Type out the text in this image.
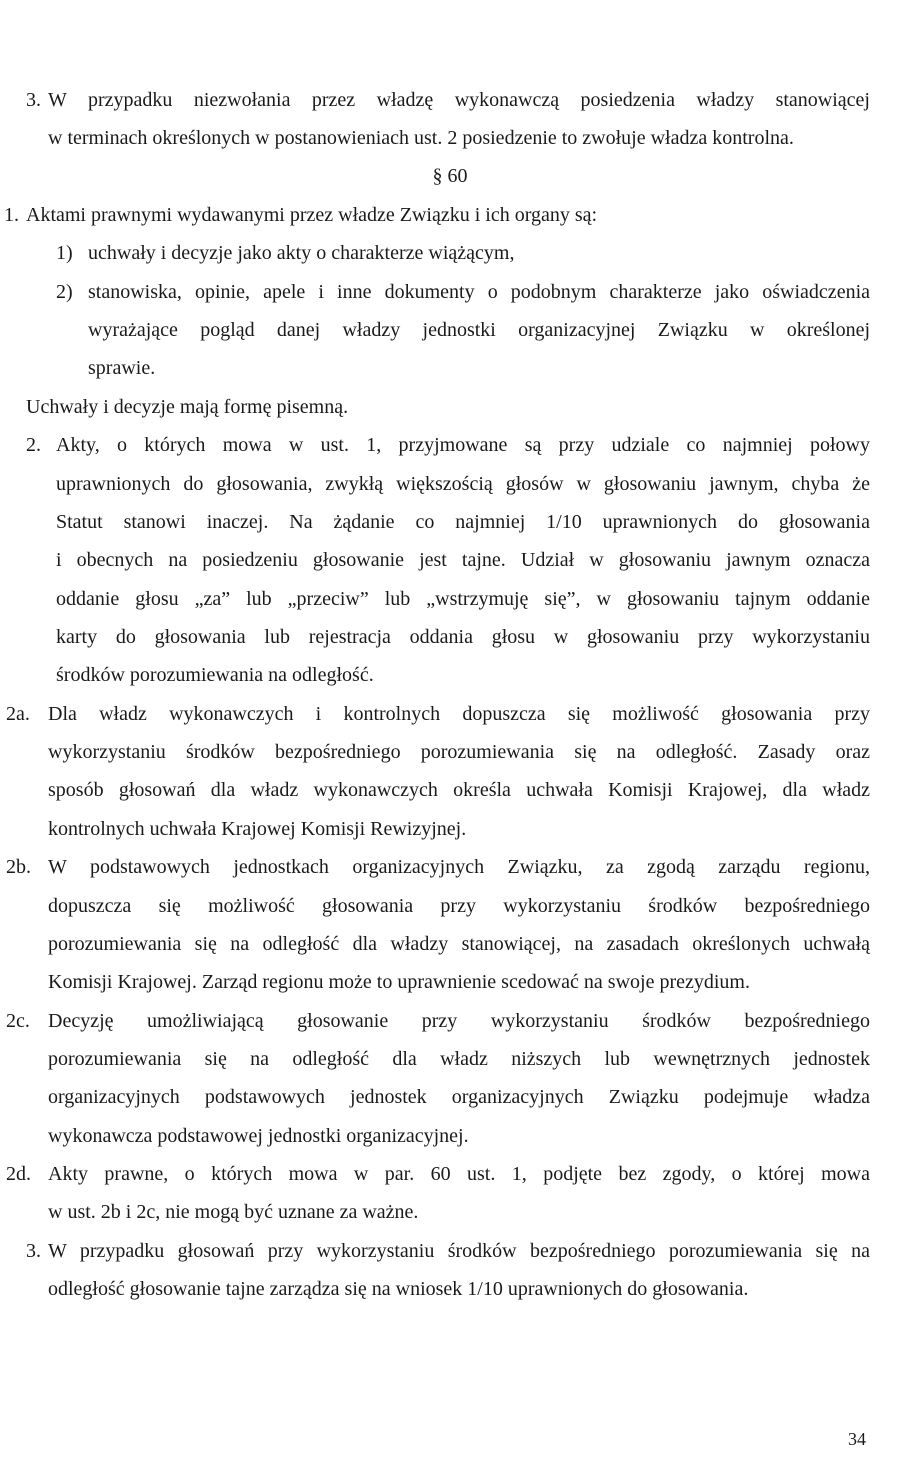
3. W przypadku niezwołania przez władzę wykonawczą posiedzenia władzy stanowiącej
w terminach określonych w postanowieniach ust. 2 posiedzenie to zwołuje władza kontrolna.
§ 60
1. Aktami prawnymi wydawanymi przez władze Związku i ich organy są:
1) uchwały i decyzje jako akty o charakterze wiążącym,
2) stanowiska, opinie, apele i inne dokumenty o podobnym charakterze jako oświadczenia
wyrażające pogląd danej władzy jednostki organizacyjnej Związku w określonej
sprawie.
Uchwały i decyzje mają formę pisemną.
2. Akty, o których mowa w ust. 1, przyjmowane są przy udziale co najmniej połowy
uprawnionych do głosowania, zwykłą większością głosów w głosowaniu jawnym, chyba że
Statut stanowi inaczej. Na żądanie co najmniej 1/10 uprawnionych do głosowania
i obecnych na posiedzeniu głosowanie jest tajne. Udział w głosowaniu jawnym oznacza
oddanie głosu „za” lub „przeciw” lub „wstrzymuję się”, w głosowaniu tajnym oddanie
karty do głosowania lub rejestracja oddania głosu w głosowaniu przy wykorzystaniu
środków porozumiewania na odległość.
2a. Dla władz wykonawczych i kontrolnych dopuszcza się możliwość głosowania przy
wykorzystaniu środków bezpośredniego porozumiewania się na odległość. Zasady oraz
sposób głosowań dla władz wykonawczych określa uchwała Komisji Krajowej, dla władz
kontrolnych uchwała Krajowej Komisji Rewizyjnej.
2b. W podstawowych jednostkach organizacyjnych Związku, za zgodą zarządu regionu,
dopuszcza się możliwość głosowania przy wykorzystaniu środków bezpośredniego
porozumiewania się na odległość dla władzy stanowiącej, na zasadach określonych uchwałą
Komisji Krajowej. Zarząd regionu może to uprawnienie scedować na swoje prezydium.
2c. Decyzję umożliwiającą głosowanie przy wykorzystaniu środków bezpośredniego
porozumiewania się na odległość dla władz niższych lub wewnętrznych jednostek
organizacyjnych podstawowych jednostek organizacyjnych Związku podejmuje władza
wykonawcza podstawowej jednostki organizacyjnej.
2d. Akty prawne, o których mowa w par. 60 ust. 1, podjęte bez zgody, o której mowa
w ust. 2b i 2c, nie mogą być uznane za ważne.
3. W przypadku głosowań przy wykorzystaniu środków bezpośredniego porozumiewania się na
odległość głosowanie tajne zarządza się na wniosek 1/10 uprawnionych do głosowania.
34
